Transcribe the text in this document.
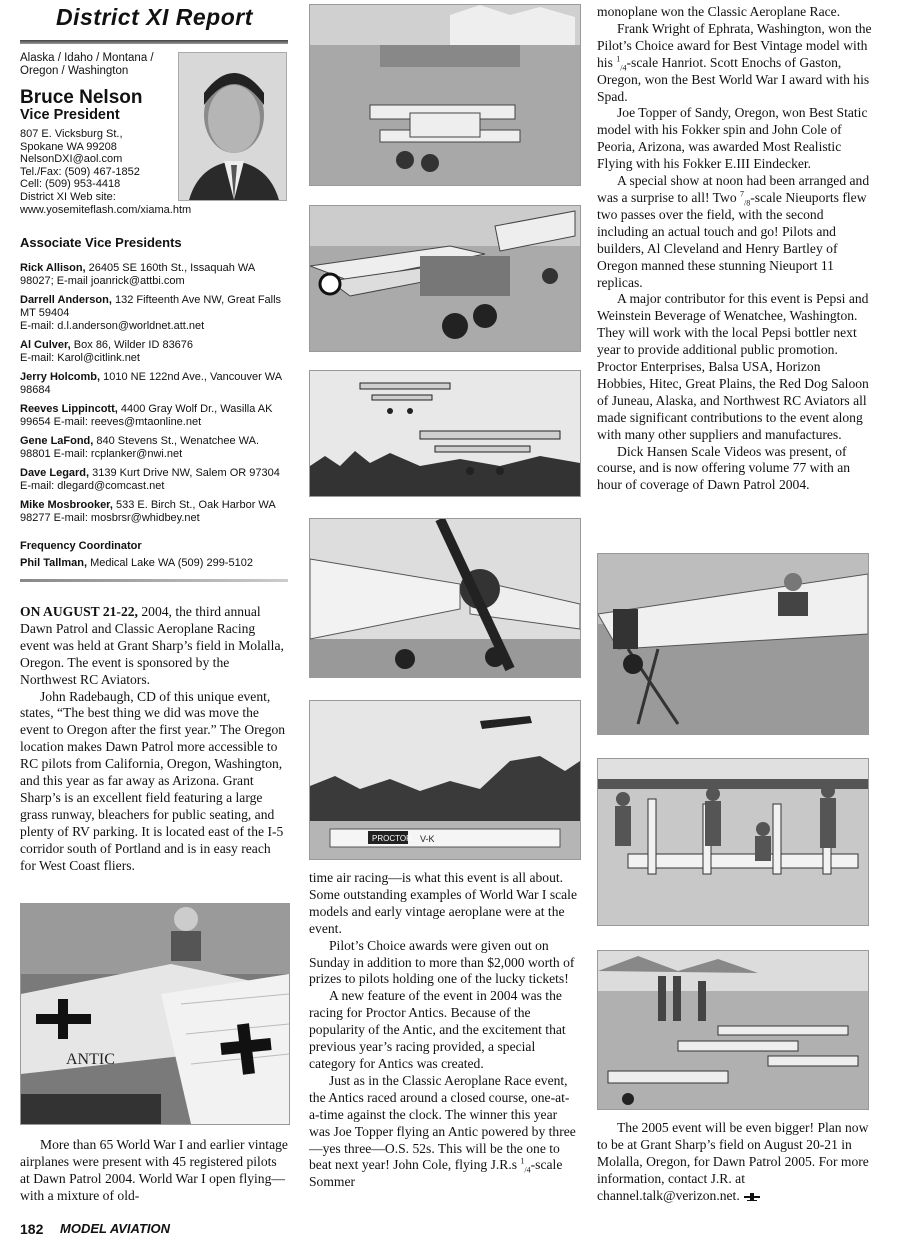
District XI Report
Alaska / Idaho / Montana / Oregon / Washington
Bruce Nelson
Vice President
807 E. Vicksburg St.,
Spokane WA 99208
NelsonDXI@aol.com
Tel./Fax: (509) 467-1852
Cell: (509) 953-4418
District XI Web site:
www.yosemiteflash.com/xiama.htm
Associate Vice Presidents
Rick Allison, 26405 SE 160th St., Issaquah WA 98027; E-mail joanrick@attbi.com
Darrell Anderson, 132 Fifteenth Ave NW, Great Falls MT 59404
E-mail: d.l.anderson@worldnet.att.net
Al Culver, Box 86, Wilder ID 83676
E-mail: Karol@citlink.net
Jerry Holcomb, 1010 NE 122nd Ave., Vancouver WA 98684
Reeves Lippincott, 4400 Gray Wolf Dr., Wasilla AK 99654 E-mail: reeves@mtaonline.net
Gene LaFond, 840 Stevens St., Wenatchee WA. 98801 E-mail: rcplanker@nwi.net
Dave Legard, 3139 Kurt Drive NW, Salem OR 97304 E-mail: dlegard@comcast.net
Mike Mosbrooker, 533 E. Birch St., Oak Harbor WA 98277 E-mail: mosbrsr@whidbey.net
Frequency Coordinator
Phil Tallman, Medical Lake WA (509) 299-5102

ON AUGUST 21-22, 2004, the third annual Dawn Patrol and Classic Aeroplane Racing event was held at Grant Sharp’s field in Molalla, Oregon. The event is sponsored by the Northwest RC Aviators.

John Radebaugh, CD of this unique event, states, “The best thing we did was move the event to Oregon after the first year.” The Oregon location makes Dawn Patrol more accessible to RC pilots from California, Oregon, Washington, and this year as far away as Arizona. Grant Sharp’s is an excellent field featuring a large grass runway, bleachers for public seating, and plenty of RV parking. It is located east of the I-5 corridor south of Portland and is in easy reach for West Coast fliers.

ANTIC

More than 65 World War I and earlier vintage airplanes were present with 45 registered pilots at Dawn Patrol 2004. World War I open flying—with a mixture of old-

PROCTOR V-K

time air racing—is what this event is all about. Some outstanding examples of World War I scale models and early vintage aeroplane were at the event.

Pilot’s Choice awards were given out on Sunday in addition to more than $2,000 worth of prizes to pilots holding one of the lucky tickets!

A new feature of the event in 2004 was the racing for Proctor Antics. Because of the popularity of the Antic, and the excitement that previous year’s racing provided, a special category for Antics was created.

Just as in the Classic Aeroplane Race event, the Antics raced around a closed course, one-at-a-time against the clock. The winner this year was Joe Topper flying an Antic powered by three—yes three—O.S. 52s. This will be the one to beat next year! John Cole, flying J.R.s $^1_{/4}$-scale Sommer

monoplane won the Classic Aeroplane Race.

Frank Wright of Ephrata, Washington, won the Pilot’s Choice award for Best Vintage model with his $^1_{/4}$-scale Hanriot. Scott Enochs of Gaston, Oregon, won the Best World War I award with his Spad.

Joe Topper of Sandy, Oregon, won Best Static model with his Fokker spin and John Cole of Peoria, Arizona, was awarded Most Realistic Flying with his Fokker E.III Eindecker.

A special show at noon had been arranged and was a surprise to all! Two $^7_{/8}$-scale Nieuports flew two passes over the field, with the second including an actual touch and go! Pilots and builders, Al Cleveland and Henry Bartley of Oregon manned these stunning Nieuport 11 replicas.

A major contributor for this event is Pepsi and Weinstein Beverage of Wenatchee, Washington. They will work with the local Pepsi bottler next year to provide additional public promotion. Proctor Enterprises, Balsa USA, Horizon Hobbies, Hitec, Great Plains, the Red Dog Saloon of Juneau, Alaska, and Northwest RC Aviators all made significant contributions to the event along with many other suppliers and manufactures.

Dick Hansen Scale Videos was present, of course, and is now offering volume 77 with an hour of coverage of Dawn Patrol 2004.

The 2005 event will be even bigger! Plan now to be at Grant Sharp’s field on August 20-21 in Molalla, Oregon, for Dawn Patrol 2005. For more information, contact J.R. at channel.talk@verizon.net.

182 MODEL AVIATION
